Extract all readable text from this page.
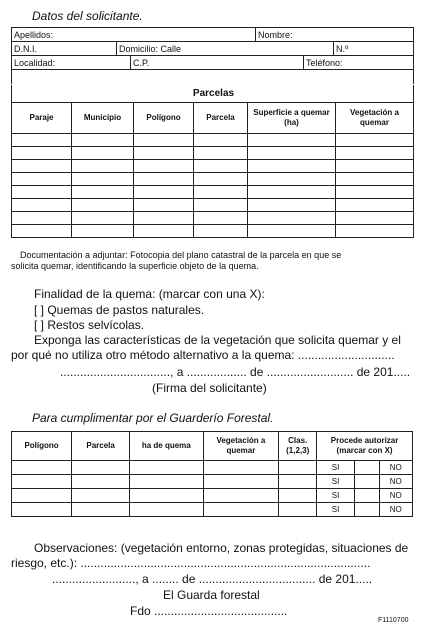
Datos del solicitante.
Apellidos:			Nombre:		
D.N.I.	Domicilio: Calle				N.º
Localidad:		C.P.		Teléfono:	

Parcelas					
Paraje	Municipio	Polígono	Parcela	Superficie a quemar (ha)	Vegetación a quemar

Documentación a adjuntar: Fotocopia del plano catastral de la parcela en que se
solicita quemar, identificando la superficie objeto de la quema.
Finalidad de la quema: (marcar con una X):
[ ] Quemas de pastos naturales.
[ ] Restos selvícolas.
Exponga las características de la vegetación que solicita quemar y el
por qué no utiliza otro método alternativo a la quema: .............................
................................., a .................. de .......................... de 201.....
(Firma del solicitante)
Para cumplimentar por el Guarderío Forestal.
Polígono	Parcela	ha de quema	Vegetación a quemar	Clas. (1,2,3)	Procede autorizar (marcar con X)		
					SI		NO
					SI		NO
					SI		NO
					SI		NO
Observaciones: (vegetación entorno, zonas protegidas, situaciones de
riesgo, etc.): .......................................................................................
........................., a ........ de ................................... de 201.....
El Guarda forestal
Fdo ........................................
F1110700
